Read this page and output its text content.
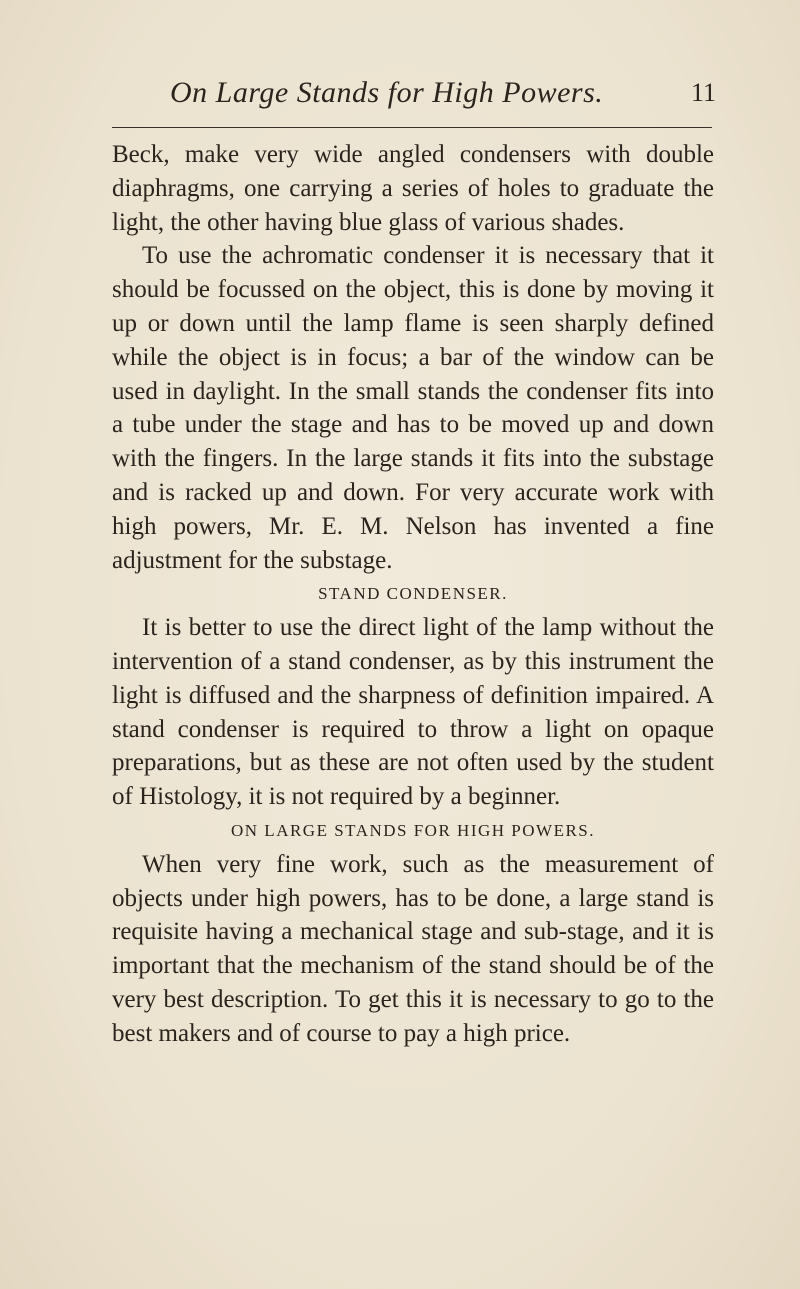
On Large Stands for High Powers.	11

Beck, make very wide angled condensers with double diaphragms, one carrying a series of holes to graduate the light, the other having blue glass of various shades.

To use the achromatic condenser it is necessary that it should be focussed on the object, this is done by moving it up or down until the lamp flame is seen sharply defined while the object is in focus; a bar of the window can be used in daylight. In the small stands the condenser fits into a tube under the stage and has to be moved up and down with the fingers. In the large stands it fits into the substage and is racked up and down. For very accurate work with high powers, Mr. E. M. Nelson has invented a fine adjustment for the substage.

STAND CONDENSER.

It is better to use the direct light of the lamp without the intervention of a stand condenser, as by this instrument the light is diffused and the sharpness of definition impaired. A stand condenser is required to throw a light on opaque preparations, but as these are not often used by the student of Histology, it is not required by a beginner.

ON LARGE STANDS FOR HIGH POWERS.

When very fine work, such as the measurement of objects under high powers, has to be done, a large stand is requisite having a mechanical stage and sub-stage, and it is important that the mechanism of the stand should be of the very best description. To get this it is necessary to go to the best makers and of course to pay a high price.
